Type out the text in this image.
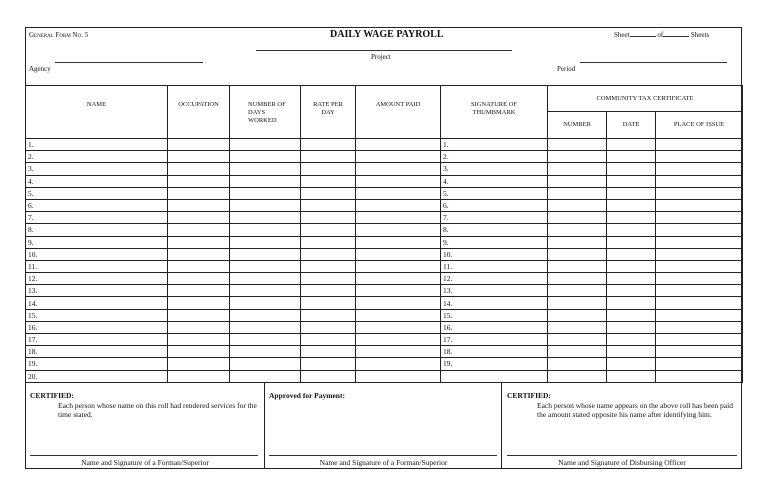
General Form No. 5	DAILY WAGE PAYROLL	Sheet	of	Sheets
Project
Agency	Period
NAME	OCCUPATION	NUMBER OF DAYS WORKED	RATE PER DAY	AMOUNT PAID	SIGNATURE OF THUMBMARK	COMMUNITY TAX CERTIFICATE		
						NUMBER	DATE	PLACE OF ISSUE
1.					1.			
2.					2.			
3.					3.			
4.					4.			
5.					5.			
6.					6.			
7.					7.			
8.					8.			
9.					9.			
10.					10.			
11.					11.			
12.					12.			
13.					13.			
14.					14.			
15.					15.			
16.					16.			
17.					17.			
18.					18.			
19.					19.			
20.								
CERTIFIED:
Each person whose name on this roll had rendered services for the time stated.
Name and Signature of a Forman/Superior
Approved for Payment:
Name and Signature of a Forman/Superior
CERTIFIED:
Each person whose name appears on the above roll has been paid the amount stated opposite his name after identifying him.
Name and Signature of Disbursing Officer
